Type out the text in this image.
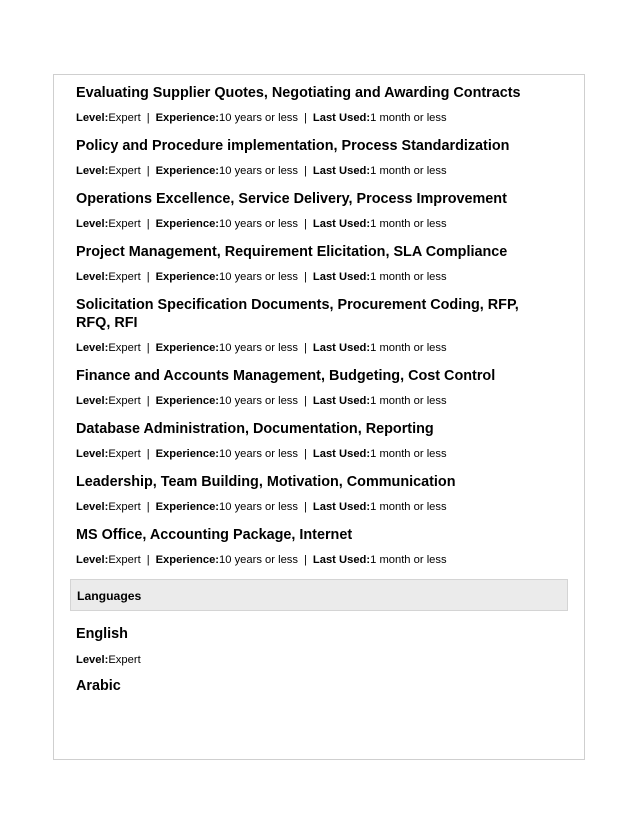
Evaluating Supplier Quotes, Negotiating and Awarding Contracts
Level:Expert | Experience:10 years or less | Last Used:1 month or less
Policy and Procedure implementation, Process Standardization
Level:Expert | Experience:10 years or less | Last Used:1 month or less
Operations Excellence, Service Delivery, Process Improvement
Level:Expert | Experience:10 years or less | Last Used:1 month or less
Project Management, Requirement Elicitation, SLA Compliance
Level:Expert | Experience:10 years or less | Last Used:1 month or less
Solicitation Specification Documents, Procurement Coding, RFP, RFQ, RFI
Level:Expert | Experience:10 years or less | Last Used:1 month or less
Finance and Accounts Management, Budgeting, Cost Control
Level:Expert | Experience:10 years or less | Last Used:1 month or less
Database Administration, Documentation, Reporting
Level:Expert | Experience:10 years or less | Last Used:1 month or less
Leadership, Team Building, Motivation, Communication
Level:Expert | Experience:10 years or less | Last Used:1 month or less
MS Office, Accounting Package, Internet
Level:Expert | Experience:10 years or less | Last Used:1 month or less
Languages
English
Level:Expert
Arabic
